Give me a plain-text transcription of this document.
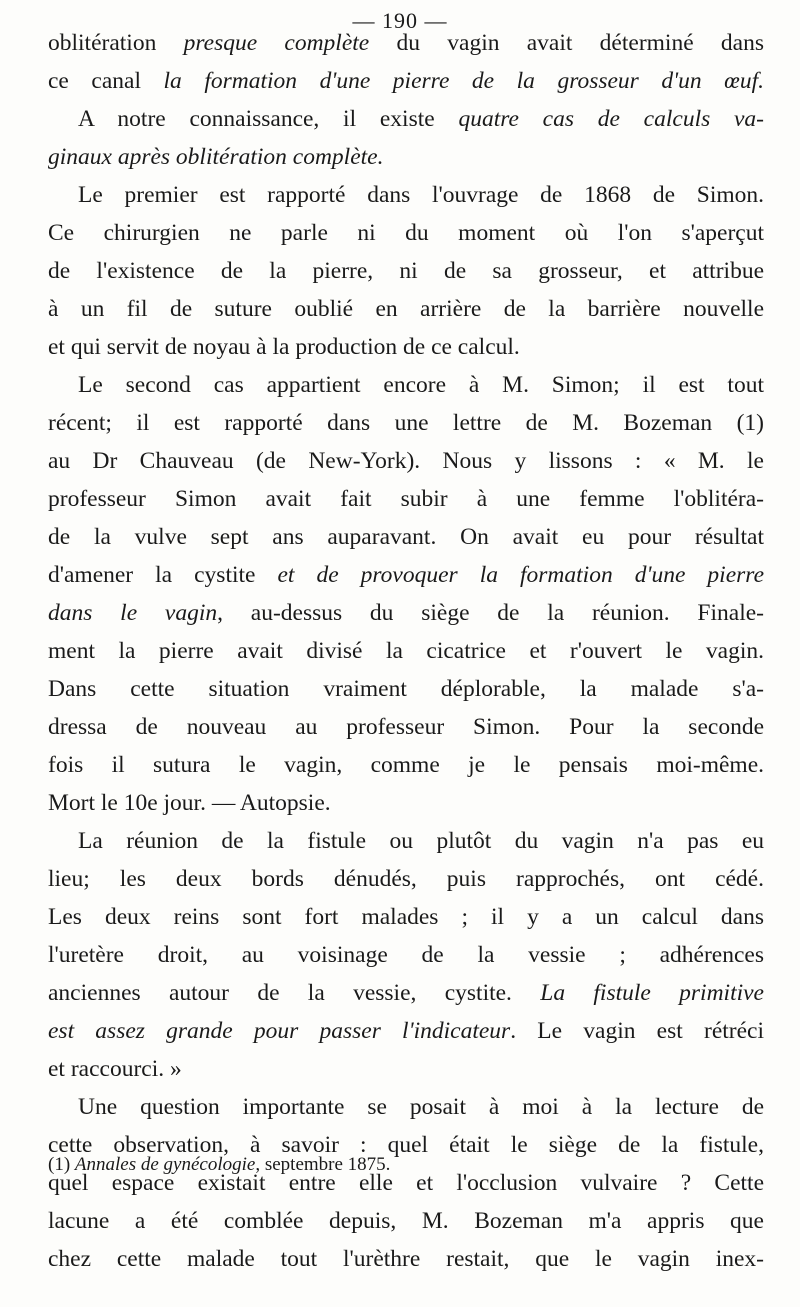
— 190 —
oblitération presque complète du vagin avait déterminé dans
ce canal la formation d'une pierre de la grosseur d'un œuf.
A notre connaissance, il existe quatre cas de calculs va-
ginaux après oblitération complète.
Le premier est rapporté dans l'ouvrage de 1868 de Simon.
Ce chirurgien ne parle ni du moment où l'on s'aperçut
de l'existence de la pierre, ni de sa grosseur, et attribue
à un fil de suture oublié en arrière de la barrière nouvelle
et qui servit de noyau à la production de ce calcul.
Le second cas appartient encore à M. Simon; il est tout
récent; il est rapporté dans une lettre de M. Bozeman (1)
au Dr Chauveau (de New-York). Nous y lissons : « M. le
professeur Simon avait fait subir à une femme l'oblitéra-
de la vulve sept ans auparavant. On avait eu pour résultat
d'amener la cystite et de provoquer la formation d'une pierre
dans le vagin, au-dessus du siège de la réunion. Finale-
ment la pierre avait divisé la cicatrice et r'ouvert le vagin.
Dans cette situation vraiment déplorable, la malade s'a-
dressa de nouveau au professeur Simon. Pour la seconde
fois il sutura le vagin, comme je le pensais moi-même.
Mort le 10e jour. — Autopsie.
La réunion de la fistule ou plutôt du vagin n'a pas eu
lieu; les deux bords dénudés, puis rapprochés, ont cédé.
Les deux reins sont fort malades ; il y a un calcul dans
l'uretère droit, au voisinage de la vessie ; adhérences
anciennes autour de la vessie, cystite. La fistule primitive
est assez grande pour passer l'indicateur. Le vagin est rétréci
et raccourci. »
Une question importante se posait à moi à la lecture de
cette observation, à savoir : quel était le siège de la fistule,
quel espace existait entre elle et l'occlusion vulvaire ? Cette
lacune a été comblée depuis, M. Bozeman m'a appris que
chez cette malade tout l'urèthre restait, que le vagin inex-
(1) Annales de gynécologie, septembre 1875.
